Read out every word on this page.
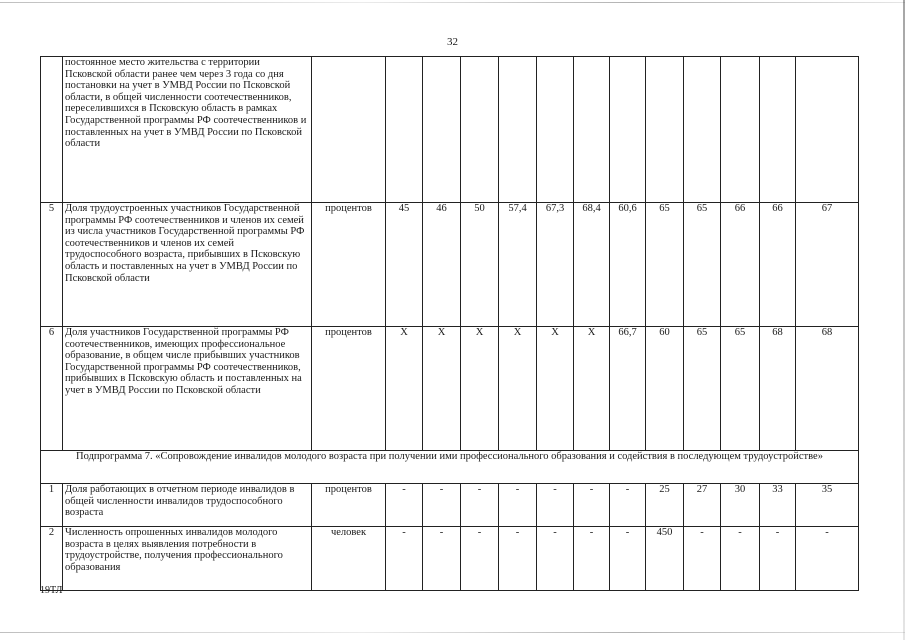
32
	постоянное место жительства с территории Псковской области ранее чем через 3 года со дня постановки на учет в УМВД России по Псковской области, в общей численности соотечественников, переселившихся в Псковскую область в рамках Государственной программы РФ соотечественников и поставленных на учет в УМВД России по Псковской области													
5	Доля трудоустроенных участников Государственной программы РФ соотечественников и членов их семей из числа участников Государственной программы РФ соотечественников и членов их семей трудоспособного возраста, прибывших в Псковскую область и поставленных на учет в УМВД России по Псковской области	процентов	45	46	50	57,4	67,3	68,4	60,6	65	65	66	66	67
6	Доля участников Государственной программы РФ соотечественников, имеющих профессиональное образование, в общем числе прибывших участников Государственной программы РФ соотечественников, прибывших в Псковскую область и поставленных на учет в УМВД России по Псковской области	процентов	Х	Х	Х	Х	Х	Х	66,7	60	65	65	68	68
Подпрограмма 7. «Сопровождение инвалидов молодого возраста при получении ими профессионального образования и содействия в последующем трудоустройстве»														
1	Доля работающих в отчетном периоде инвалидов в общей численности инвалидов трудоспособного возраста	процентов	-	-	-	-	-	-	-	25	27	30	33	35
2	Численность опрошенных инвалидов молодого возраста в целях выявления потребности в трудоустройстве, получения профессионального образования	человек	-	-	-	-	-	-	-	450	-	-	-	-
19ТЛ
